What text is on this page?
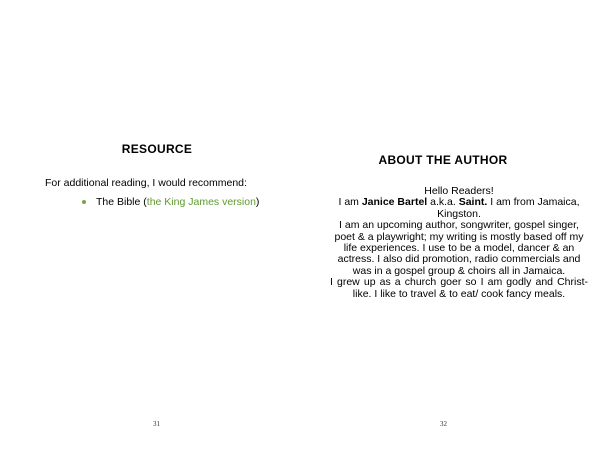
RESOURCE

For additional reading, I would recommend:

The Bible (the King James version)
31
ABOUT THE AUTHOR

Hello Readers!

I am Janice Bartel a.k.a. Saint. I am from Jamaica, Kingston.

I am an upcoming author, songwriter, gospel singer, poet & a playwright; my writing is mostly based off my life experiences. I use to be a model, dancer & an actress. I also did promotion, radio commercials and was in a gospel group & choirs all in Jamaica.

I grew up as a church goer so I am godly and Christ-like. I like to travel & to eat/ cook fancy meals.

32
